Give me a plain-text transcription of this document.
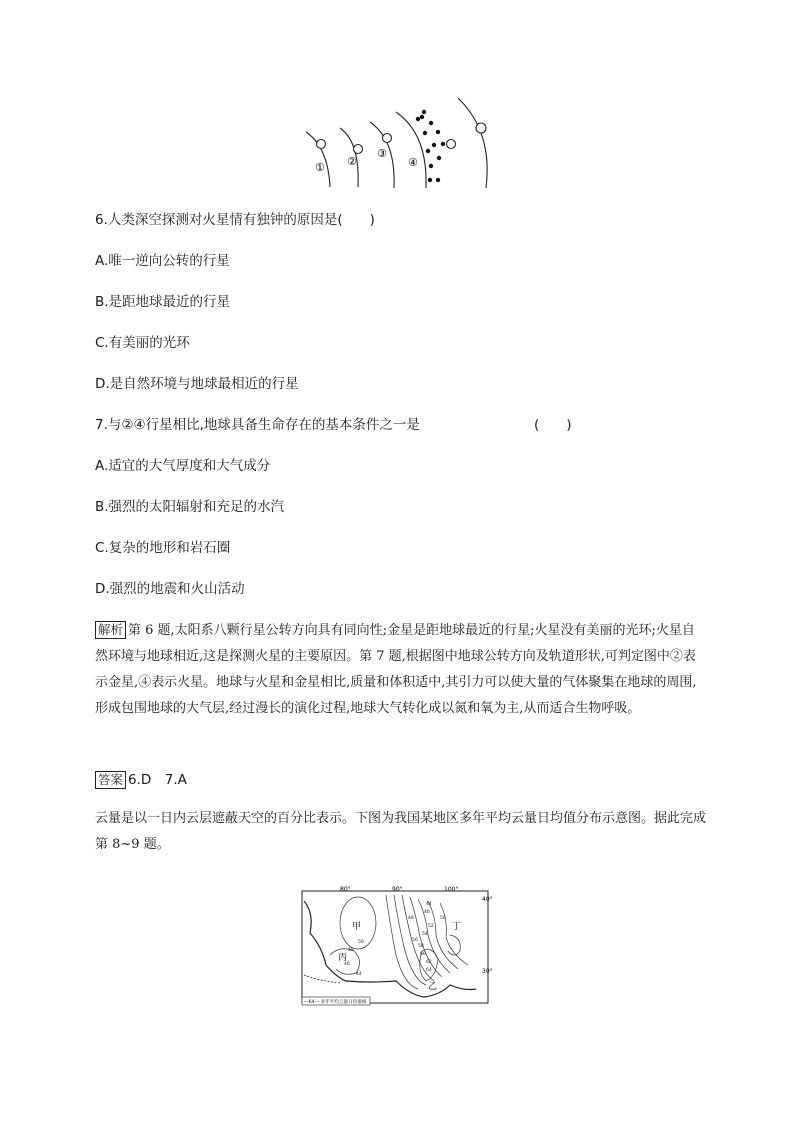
① ②
③
④
6.人类深空探测对火星情有独钟的原因是(　　)
A.唯一逆向公转的行星
B.是距地球最近的行星
C.有美丽的光环
D.是自然环境与地球最相近的行星
7.与②④行星相比,地球具备生命存在的基本条件之一是	(　　)
A.适宜的大气厚度和大气成分
B.强烈的太阳辐射和充足的水汽
C.复杂的地形和岩石圈
D.强烈的地震和火山活动
解析 第 6 题,太阳系八颗行星公转方向具有同向性;金星是距地球最近的行星;火星没有美丽的光环;火星自然环境与地球相近,这是探测火星的主要原因。第 7 题,根据图中地球公转方向及轨道形状,可判定图中②表示金星,④表示火星。地球与火星和金星相比,质量和体积适中,其引力可以使大量的气体聚集在地球的周围,形成包围地球的大气层,经过漫长的演化过程,地球大气转化成以氮和氧为主,从而适合生物呼吸。
答案 6.D　7.A
云量是以一日内云层遮蔽天空的百分比表示。下图为我国某地区多年平均云量日均值分布示意图。据此完成第 8~9 题。
80°	90°	100°
40°
30°
甲
乙
丙
丁
44
46
48	50
52
54
56
58
60
62
64
50
48
46
44
—64— 多年平均云量日均值线
